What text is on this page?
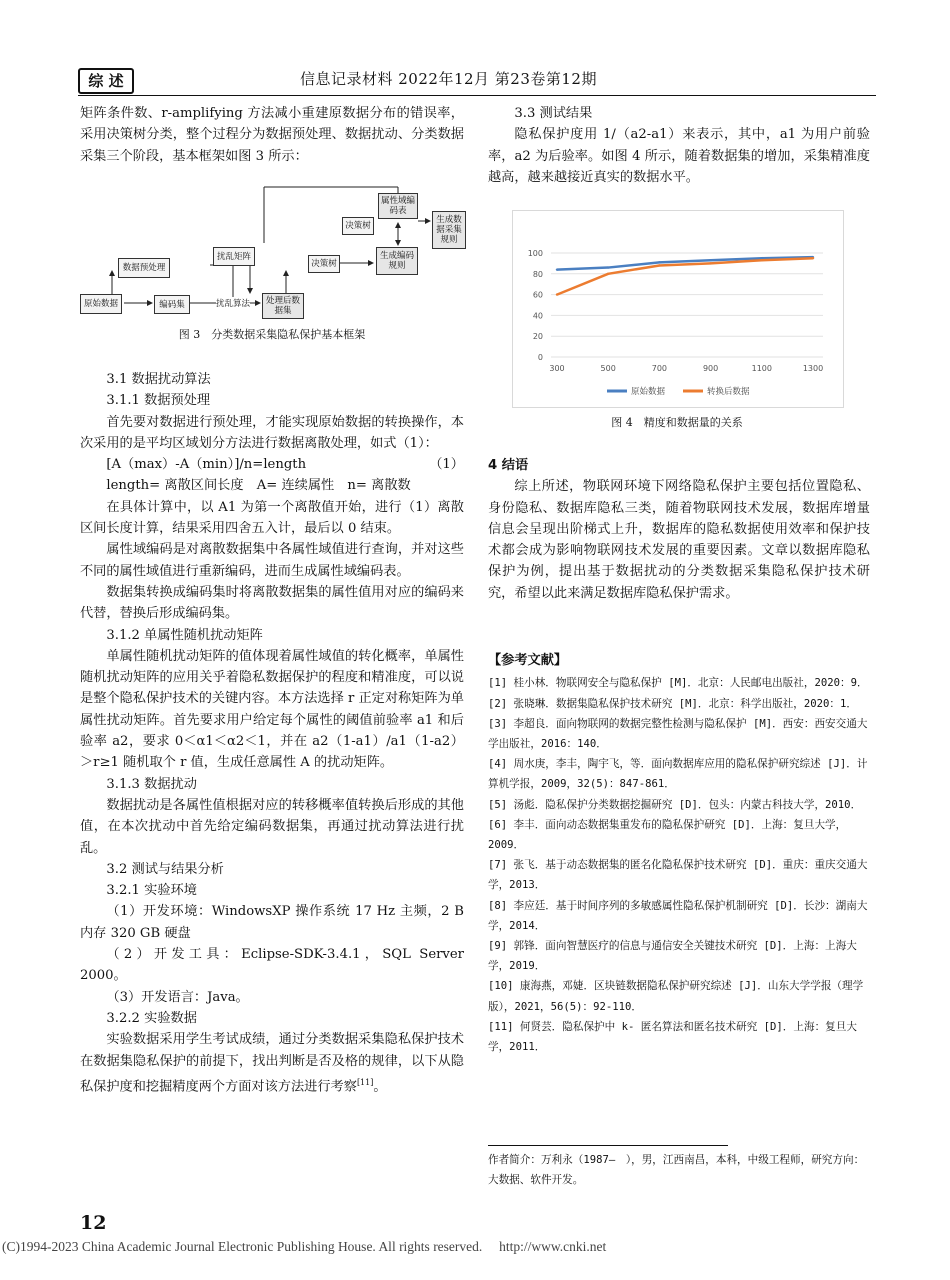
综 述	信息记录材料 2022年12月 第23卷第12期

矩阵条件数、r-amplifying 方法减小重建原数据分布的错误率，采用决策树分类，整个过程分为数据预处理、数据扰动、分类数据采集三个阶段，基本框架如图 3 所示：

原始数据
数据预处理
编码集
扰乱矩阵
扰乱算法	处理后数据集
决策树
决策树
属性域编码表
生成编码规则
生成数据采集规则
图 3　分类数据采集隐私保护基本框架

3.1 数据扰动算法

3.1.1 数据预处理

首先要对数据进行预处理，才能实现原始数据的转换操作，本次采用的是平均区域划分方法进行数据离散处理，如式（1）：

[A（max）-A（min）]/n=length	（1）

length= 离散区间长度　A= 连续属性　n= 离散数

在具体计算中，以 A1 为第一个离散值开始，进行（1）离散区间长度计算，结果采用四舍五入计，最后以 0 结束。

属性域编码是对离散数据集中各属性域值进行查询，并对这些不同的属性域值进行重新编码，进而生成属性域编码表。

数据集转换成编码集时将离散数据集的属性值用对应的编码来代替，替换后形成编码集。

3.1.2 单属性随机扰动矩阵

单属性随机扰动矩阵的值体现着属性域值的转化概率，单属性随机扰动矩阵的应用关乎着隐私数据保护的程度和精准度，可以说是整个隐私保护技术的关键内容。本方法选择 r 正定对称矩阵为单属性扰动矩阵。首先要求用户给定每个属性的阈值前验率 a1 和后验率 a2，要求 0＜α1＜α2＜1，并在 a2（1-a1）/a1（1-a2）＞r≥1 随机取个 r 值，生成任意属性 A 的扰动矩阵。

3.1.3 数据扰动

数据扰动是各属性值根据对应的转移概率值转换后形成的其他值，在本次扰动中首先给定编码数据集，再通过扰动算法进行扰乱。

3.2 测试与结果分析

3.2.1 实验环境

（1）开发环境：WindowsXP 操作系统 17 Hz 主频，2 B 内存 320 GB 硬盘

（2）开发工具：Eclipse-SDK-3.4.1，SQL Server 2000。

（3）开发语言：Java。

3.2.2 实验数据

实验数据采用学生考试成绩，通过分类数据采集隐私保护技术在数据集隐私保护的前提下，找出判断是否及格的规律，以下从隐私保护度和挖掘精度两个方面对该方法进行考察[11]。

12

3.3 测试结果

隐私保护度用 1/（a2-a1）来表示，其中，a1 为用户前验率，a2 为后验率。如图 4 所示，随着数据集的增加，采集精准度越高，越来越接近真实的数据水平。

0
20
40
60
80
100
300	500	700	900	1100	1300
原始数据	转换后数据
图 4　精度和数据量的关系

4 结语

综上所述，物联网环境下网络隐私保护主要包括位置隐私、身份隐私、数据库隐私三类，随着物联网技术发展，数据库增量信息会呈现出阶梯式上升，数据库的隐私数据使用效率和保护技术都会成为影响物联网技术发展的重要因素。文章以数据库隐私保护为例，提出基于数据扰动的分类数据采集隐私保护技术研究，希望以此来满足数据库隐私保护需求。

【参考文献】

[1] 桂小林．物联网安全与隐私保护 [M]．北京：人民邮电出版社，2020：9．

[2] 张晓琳．数据集隐私保护技术研究 [M]．北京：科学出版社，2020：1．

[3] 李超良．面向物联网的数据完整性检测与隐私保护 [M]．西安：西安交通大学出版社，2016：140．

[4] 周水庚，李丰，陶宇飞，等．面向数据库应用的隐私保护研究综述 [J]．计算机学报，2009，32(5)：847-861．

[5] 汤彪．隐私保护分类数据挖掘研究 [D]．包头：内蒙古科技大学，2010．

[6] 李丰．面向动态数据集重发布的隐私保护研究 [D]．上海：复旦大学，2009．

[7] 张飞．基于动态数据集的匿名化隐私保护技术研究 [D]．重庆：重庆交通大学，2013．

[8] 李应廷．基于时间序列的多敏感属性隐私保护机制研究 [D]．长沙：湖南大学，2014．

[9] 郭锋．面向智慧医疗的信息与通信安全关键技术研究 [D]．上海：上海大学，2019．

[10] 康海燕，邓婕．区块链数据隐私保护研究综述 [J]．山东大学学报（理学版），2021，56(5)：92-110．

[11] 何贤芸．隐私保护中 k- 匿名算法和匿名技术研究 [D]．上海：复旦大学，2011．

作者简介：万利永（1987—　），男，江西南昌，本科，中级工程师，研究方向：大数据、软件开发。
(C)1994-2023 China Academic Journal Electronic Publishing House. All rights reserved.　 http://www.cnki.net
